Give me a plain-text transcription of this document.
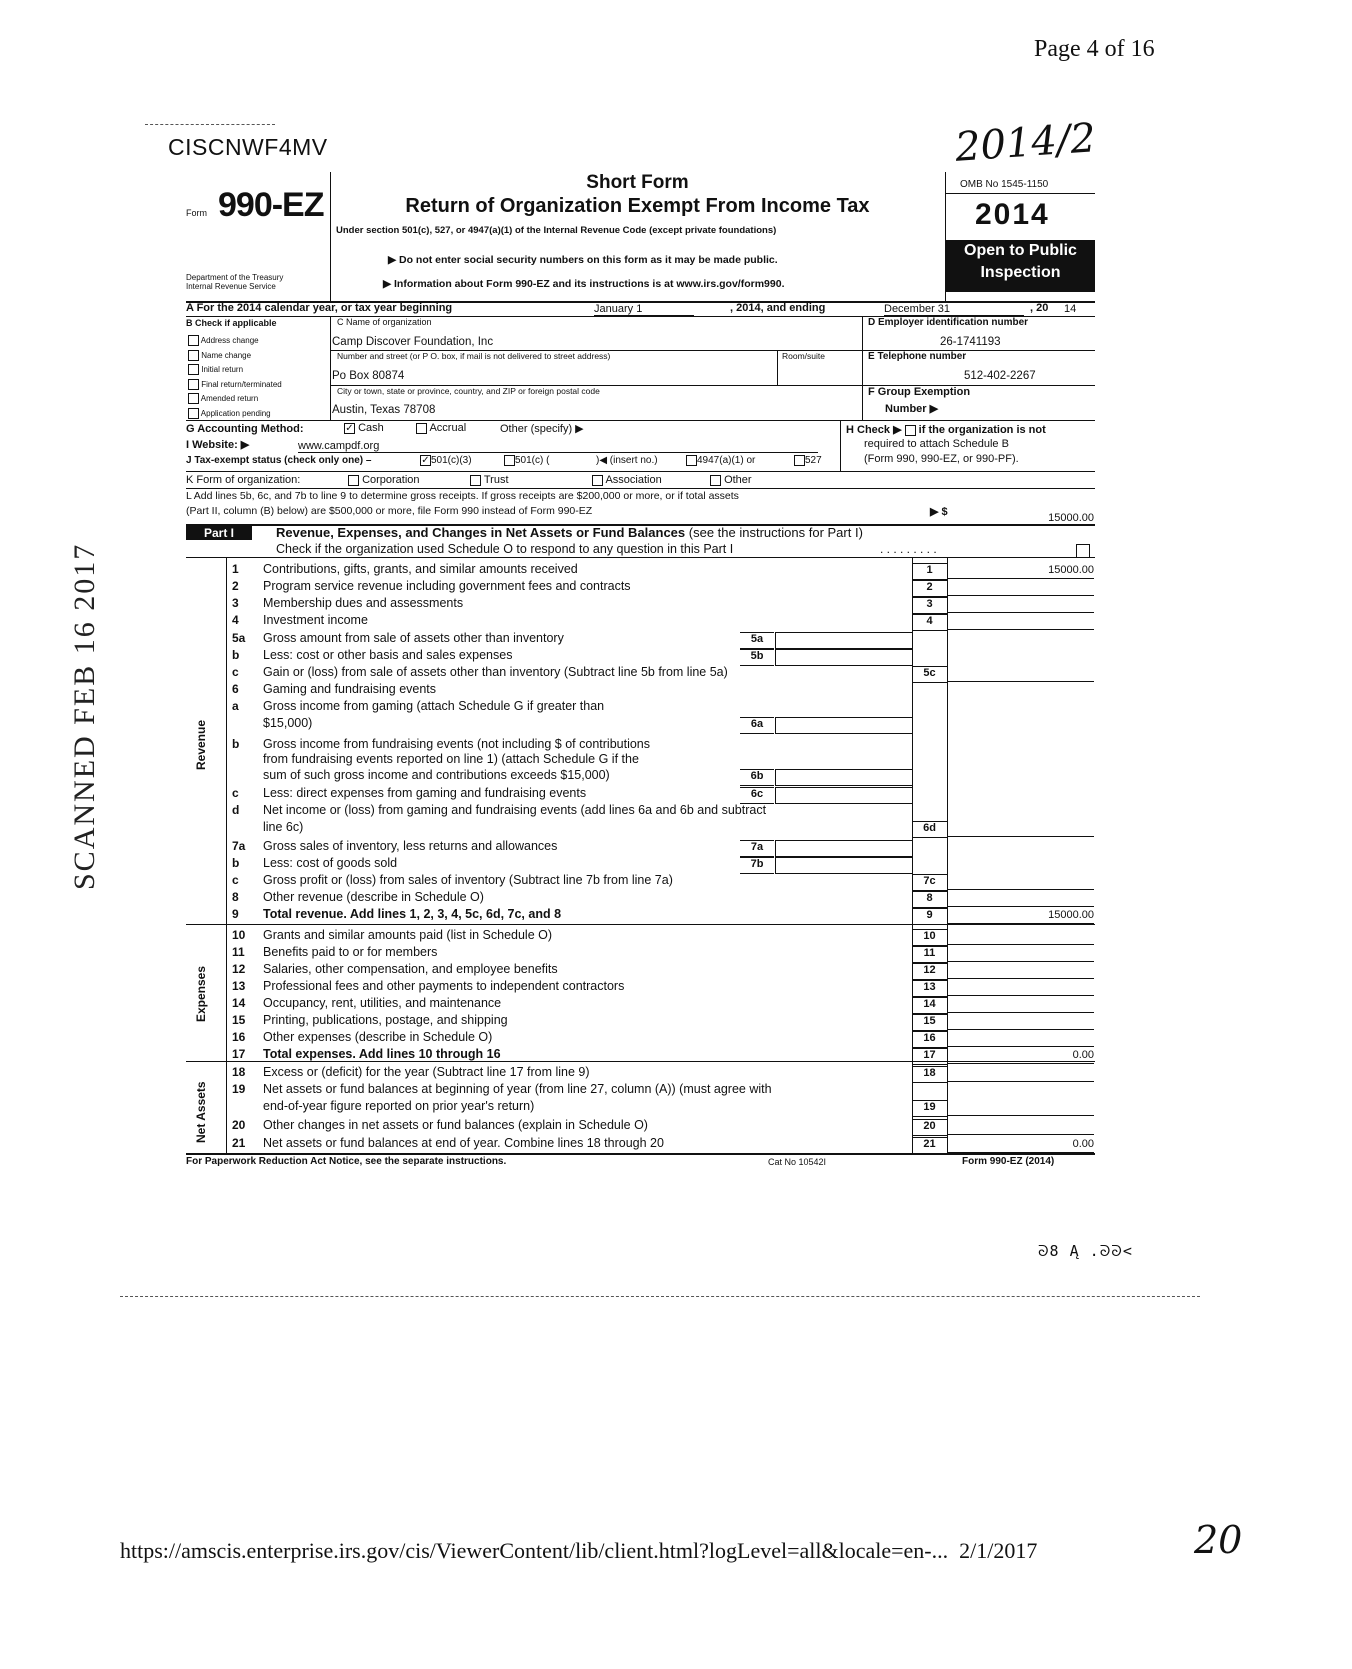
Page 4 of 16
CISCNWF4MV	2014/2
Form 990-EZ
Department of the Treasury
Internal Revenue Service
Short Form
Return of Organization Exempt From Income Tax
Under section 501(c), 527, or 4947(a)(1) of the Internal Revenue Code (except private foundations)
▶ Do not enter social security numbers on this form as it may be made public.
▶ Information about Form 990-EZ and its instructions is at www.irs.gov/form990.
OMB No 1545-1150
2014
Open to Public
Inspection
A For the 2014 calendar year, or tax year beginning	January 1	, 2014, and ending	December 31	, 20 14
B Check if applicable
Address change
Name change
Initial return
Final return/terminated
Amended return
Application pending
C Name of organization
Camp Discover Foundation, Inc
Number and street (or P O. box, if mail is not delivered to street address)	Room/suite
Po Box 80874
City or town, state or province, country, and ZIP or foreign postal code
Austin, Texas 78708
D Employer identification number
26-1741193
E Telephone number
512-402-2267
F Group Exemption
Number ▶
G Accounting Method:	✓ Cash	Accrual	Other (specify) ▶	H Check ▶ if the organization is not
required to attach Schedule B
(Form 990, 990-EZ, or 990-PF).
I Website: ▶	www.campdf.org
J Tax-exempt status (check only one) –	✓501(c)(3)	501(c) (	)◀ (insert no.)	4947(a)(1) or	527
K Form of organization:	Corporation	Trust	Association	Other
L Add lines 5b, 6c, and 7b to line 9 to determine gross receipts. If gross receipts are $200,000 or more, or if total assets
(Part II, column (B) below) are $500,000 or more, file Form 990 instead of Form 990-EZ	▶ $	15000.00
Part I	Revenue, Expenses, and Changes in Net Assets or Fund Balances (see the instructions for Part I)
Check if the organization used Schedule O to respond to any question in this Part I	. . . . . . . . .
Revenue
Expenses
Net Assets
1	Contributions, gifts, grants, and similar amounts received	1	15000.00
2	Program service revenue including government fees and contracts	2
3	Membership dues and assessments	3
4	Investment income	4
5a	Gross amount from sale of assets other than inventory	5a
b	Less: cost or other basis and sales expenses	5b
c	Gain or (loss) from sale of assets other than inventory (Subtract line 5b from line 5a)	5c
6	Gaming and fundraising events
a	Gross income from gaming (attach Schedule G if greater than
$15,000)	6a
b	Gross income from fundraising events (not including $ of contributions
from fundraising events reported on line 1) (attach Schedule G if the
sum of such gross income and contributions exceeds $15,000)	6b
c	Less: direct expenses from gaming and fundraising events	6c
d	Net income or (loss) from gaming and fundraising events (add lines 6a and 6b and subtract
line 6c)	6d
7a	Gross sales of inventory, less returns and allowances	7a
b	Less: cost of goods sold	7b
c	Gross profit or (loss) from sales of inventory (Subtract line 7b from line 7a)	7c
8	Other revenue (describe in Schedule O)	8
9	Total revenue. Add lines 1, 2, 3, 4, 5c, 6d, 7c, and 8	9	15000.00
10	Grants and similar amounts paid (list in Schedule O)	10
11	Benefits paid to or for members	11
12	Salaries, other compensation, and employee benefits	12
13	Professional fees and other payments to independent contractors	13
14	Occupancy, rent, utilities, and maintenance	14
15	Printing, publications, postage, and shipping	15
16	Other expenses (describe in Schedule O)	16
17	Total expenses. Add lines 10 through 16	17	0.00
18	Excess or (deficit) for the year (Subtract line 17 from line 9)	18
19	Net assets or fund balances at beginning of year (from line 27, column (A)) (must agree with
end-of-year figure reported on prior year's return)	19
20	Other changes in net assets or fund balances (explain in Schedule O)	20
21	Net assets or fund balances at end of year. Combine lines 18 through 20	21	0.00
For Paperwork Reduction Act Notice, see the separate instructions.	Cat No 10542I	Form 990-EZ (2014)
SCANNED FEB 16 2017
ᘐ8 Ą .ᘐᘐ<
https://amscis.enterprise.irs.gov/cis/ViewerContent/lib/client.html?logLevel=all&locale=en-... 2/1/2017	20
